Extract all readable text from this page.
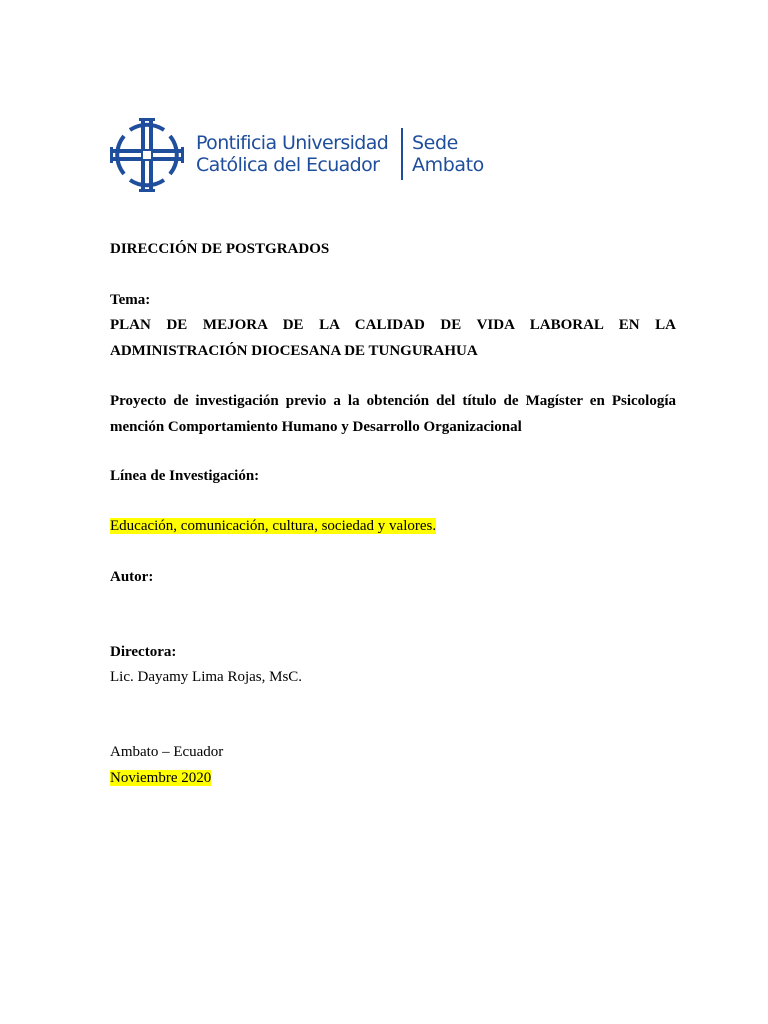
Pontificia Universidad
Católica del Ecuador
Sede
Ambato
DIRECCIÓN DE POSTGRADOS
Tema:
PLAN DE MEJORA DE LA CALIDAD DE VIDA LABORAL EN LA ADMINISTRACIÓN DIOCESANA DE TUNGURAHUA
Proyecto de investigación previo a la obtención del título de Magíster en Psicología mención Comportamiento Humano y Desarrollo Organizacional
Línea de Investigación:
Educación, comunicación, cultura, sociedad y valores.
Autor:
Directora:
Lic. Dayamy Lima Rojas, MsC.
Ambato – Ecuador
Noviembre 2020
